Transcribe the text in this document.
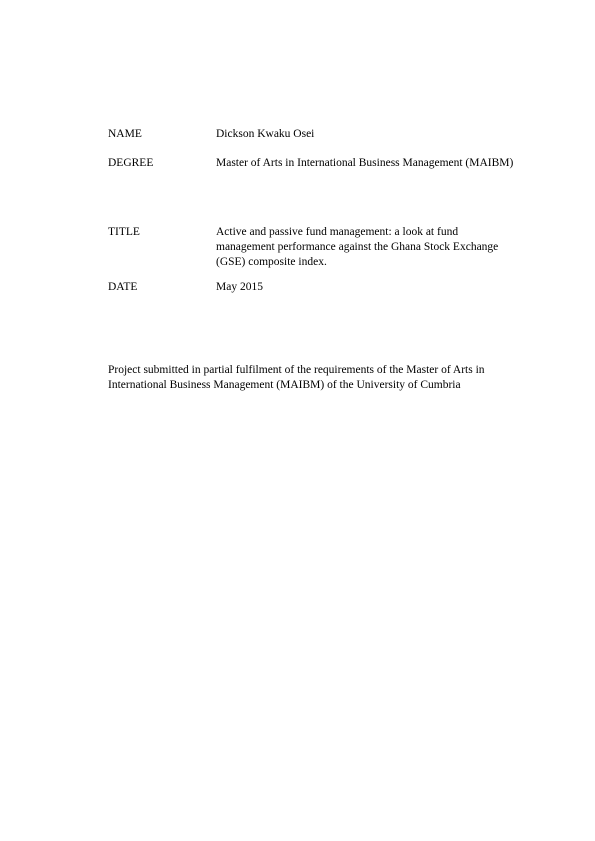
NAME	Dickson Kwaku Osei
DEGREE	Master of Arts in International Business Management (MAIBM)
TITLE	Active and passive fund management: a look at fund management performance against the Ghana Stock Exchange (GSE) composite index.
DATE	May 2015

Project submitted in partial fulfilment of the requirements of the Master of Arts in International Business Management (MAIBM) of the University of Cumbria
